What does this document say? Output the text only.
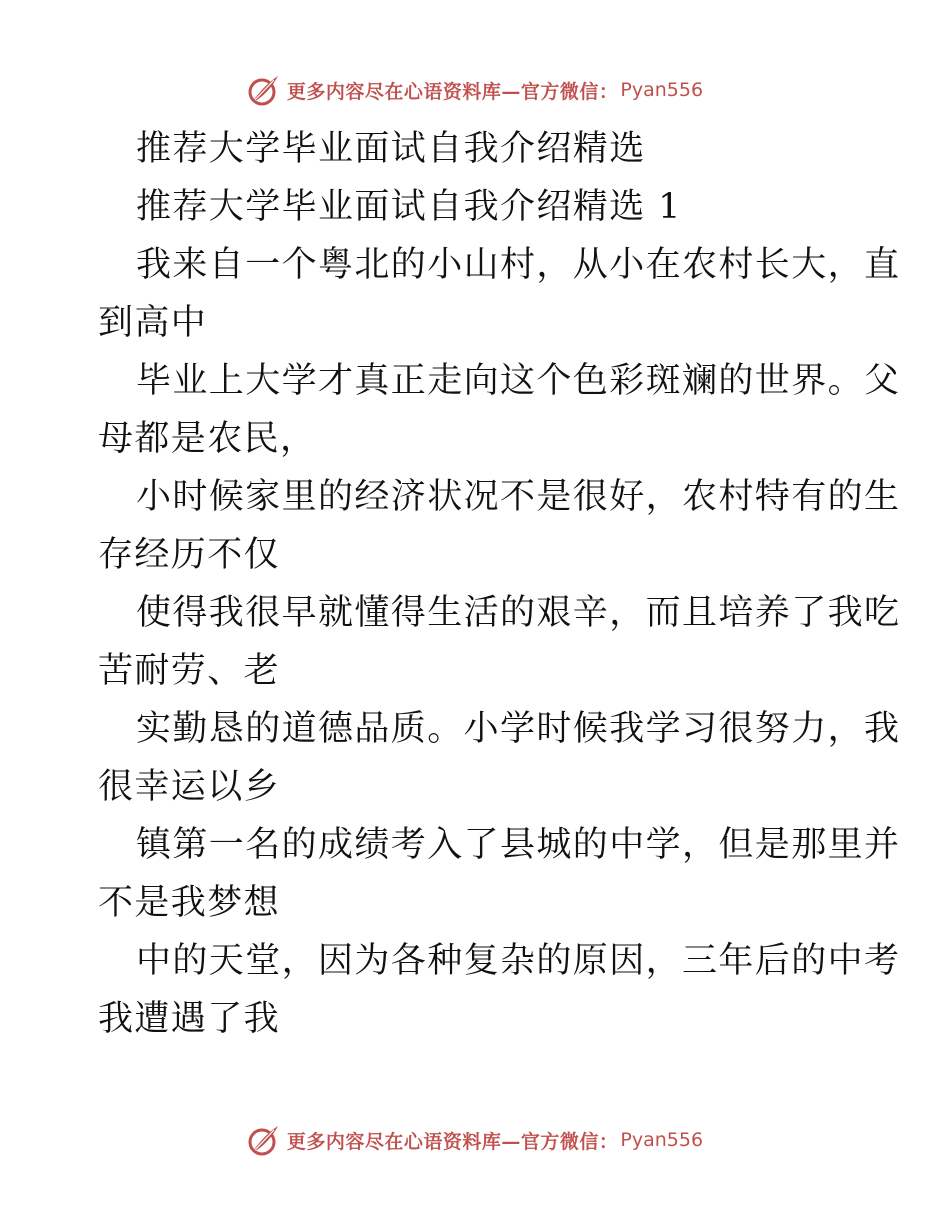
更多内容尽在心语资料库—官方微信： Pyan556
推荐大学毕业面试自我介绍精选
推荐大学毕业面试自我介绍精选 1
我来自一个粤北的小山村，从小在农村长大，直
到高中
毕业上大学才真正走向这个色彩斑斓的世界。父
母都是农民，
小时候家里的经济状况不是很好，农村特有的生
存经历不仅
使得我很早就懂得生活的艰辛，而且培养了我吃
苦耐劳、老
实勤恳的道德品质。小学时候我学习很努力，我
很幸运以乡
镇第一名的成绩考入了县城的中学，但是那里并
不是我梦想
中的天堂，因为各种复杂的原因，三年后的中考
我遭遇了我
更多内容尽在心语资料库—官方微信： Pyan556
